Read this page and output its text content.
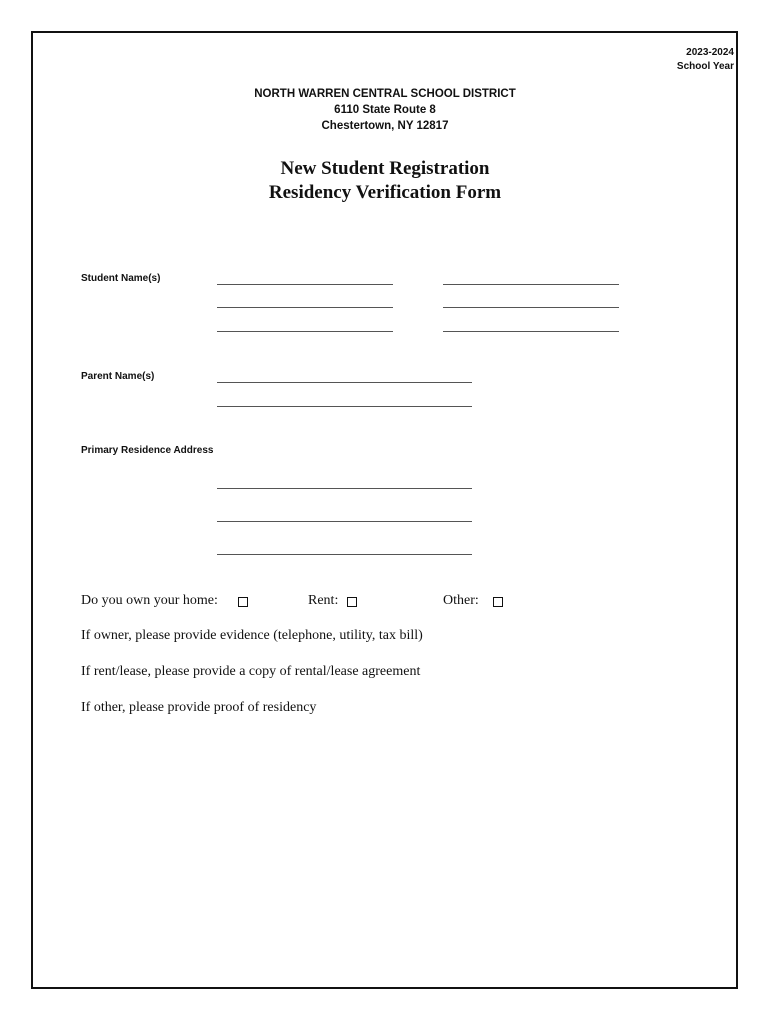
2023-2024
School Year
NORTH WARREN CENTRAL SCHOOL DISTRICT
6110 State Route 8
Chestertown, NY 12817
New Student Registration
Residency Verification Form
Student Name(s)
Parent Name(s)
Primary Residence Address
Do you own your home:	Rent:	Other:
If owner, please provide evidence (telephone, utility, tax bill)
If rent/lease, please provide a copy of rental/lease agreement
If other, please provide proof of residency
